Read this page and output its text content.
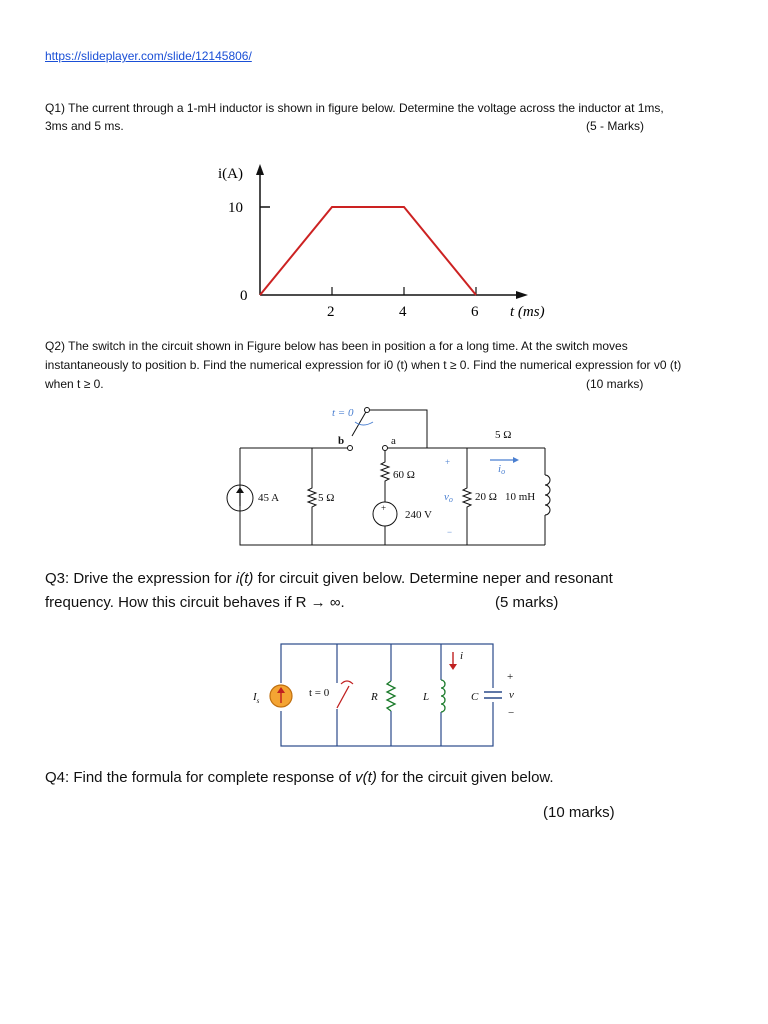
https://slideplayer.com/slide/12145806/
Q1) The current through a 1-mH inductor is shown in figure below. Determine the voltage across the inductor at 1ms,
3ms and 5 ms.	(5 - Marks)
i(A)
10
0
2	4	6 t (ms)
Q2) The switch in the circuit shown in Figure below has been in position a for a long time. At the switch moves
instantaneously to position b. Find the numerical expression for i0 (t) when t ≥ 0. Find the numerical expression for v0 (t)
when t ≥ 0.	(10 marks)
t = 0
b	a
45 A	5 Ω
60 Ω
+
240 V
5 Ω
io
+
vo
−
20 Ω 10 mH
Q3: Drive the expression for i(t) for circuit given below. Determine neper and resonant
frequency. How this circuit behaves if R → ∞.	(5 marks)
$I_s$
t = 0	R	L
i
C
+
v
−
Q4: Find the formula for complete response of v(t) for the circuit given below.
(10 marks)
